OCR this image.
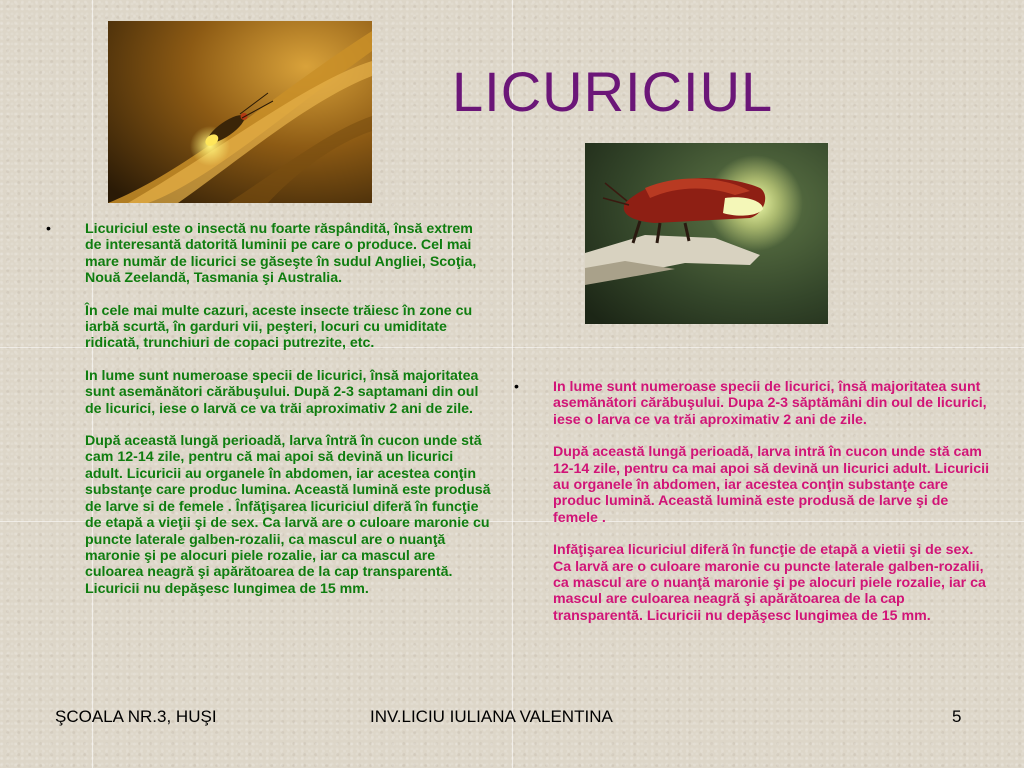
LICURICIUL

• Licuriciul este o insectă nu foarte răspândită, însă extrem de interesantă datorită luminii pe care o produce. Cel mai mare număr de licurici se găseşte în sudul Angliei, Scoţia, Nouă Zeelandă, Tasmania şi Australia.

În cele mai multe cazuri, aceste insecte trăiesc în zone cu iarbă scurtă, în garduri vii, peşteri, locuri cu umiditate ridicată, trunchiuri de copaci putrezite, etc.

In lume sunt numeroase specii de licurici, însă majoritatea sunt asemănători cărăbuşului. După 2-3 saptamani din oul de licurici, iese o larvă ce va trăi aproximativ 2 ani de zile.

După această lungă perioadă, larva întră în cucon unde stă cam 12-14 zile, pentru că mai apoi să devină un licurici adult. Licuricii au organele în abdomen, iar acestea conţin substanţe care produc lumina. Această lumină este produsă de larve si de femele . Înfăţişarea licuriciul diferă în funcţie de etapă a vieţii şi de sex. Ca larvă are o culoare maronie cu puncte laterale galben-rozalii, ca mascul are o nuanţă maronie şi pe alocuri piele rozalie, iar ca mascul are culoarea neagră şi apărătoarea de la cap transparentă. Licuricii nu depăşesc lungimea de 15 mm.

• In lume sunt numeroase specii de licurici, însă majoritatea sunt asemănători cărăbuşului. Dupa 2-3 săptămâni din oul de licurici, iese o larva ce va trăi aproximativ 2 ani de zile.

După această lungă perioadă, larva intră în cucon unde stă cam 12-14 zile, pentru ca mai apoi să devină un licurici adult. Licuricii au organele în abdomen, iar acestea conţin substanţe care produc lumină. Această lumină este produsă de larve şi de femele .

Infăţişarea licuriciul diferă în funcţie de etapă a vietii şi de sex. Ca larvă are o culoare maronie cu puncte laterale galben-rozalii, ca mascul are o nuanţă maronie şi pe alocuri piele rozalie, iar ca mascul are culoarea neagră şi apărătoarea de la cap transparentă. Licuricii nu depăşesc lungimea de 15 mm.

ŞCOALA NR.3, HUŞI	INV.LICIU IULIANA VALENTINA	5
